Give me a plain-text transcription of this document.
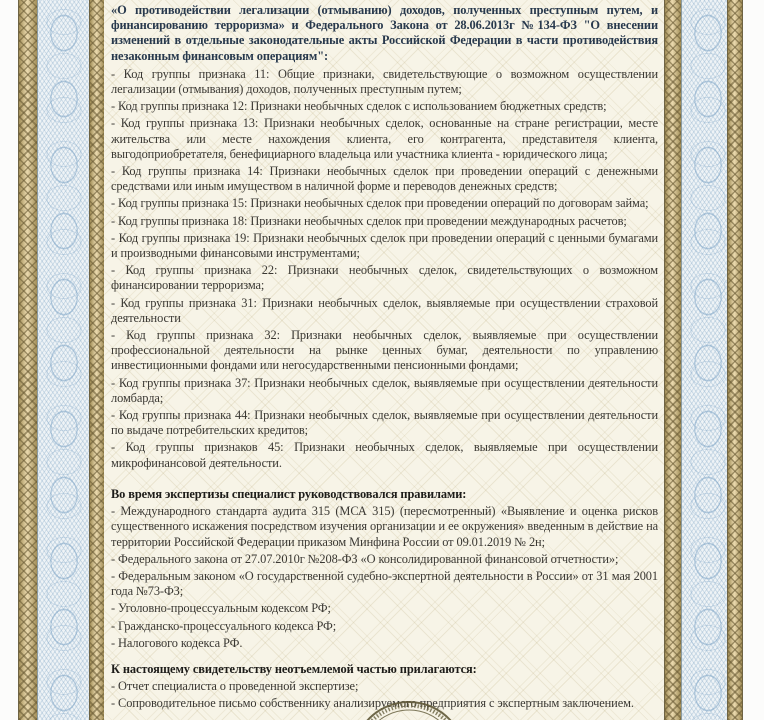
«О противодействии легализации (отмыванию) доходов, полученных преступным путем, и финансированию терроризма» и Федерального Закона от 28.06.2013г №134-ФЗ "О внесении изменений в отдельные законодательные акты Российской Федерации в части противодействия незаконным финансовым операциям":

- Код группы признака 11: Общие признаки, свидетельствующие о возможном осуществлении легализации (отмывания) доходов, полученных преступным путем;

- Код группы признака 12: Признаки необычных сделок с использованием бюджетных средств;

- Код группы признака 13: Признаки необычных сделок, основанные на стране регистрации, месте жительства или месте нахождения клиента, его контрагента, представителя клиента, выгодоприобретателя, бенефициарного владельца или участника клиента - юридического лица;

- Код группы признака 14: Признаки необычных сделок при проведении операций с денежными средствами или иным имуществом в наличной форме и переводов денежных средств;

- Код группы признака 15: Признаки необычных сделок при проведении операций по договорам займа;

- Код группы признака 18: Признаки необычных сделок при проведении международных расчетов;

- Код группы признака 19: Признаки необычных сделок при проведении операций с ценными бумагами и производными финансовыми инструментами;

- Код группы признака 22: Признаки необычных сделок, свидетельствующих о возможном финансировании терроризма;

- Код группы признака 31: Признаки необычных сделок, выявляемые при осуществлении страховой деятельности

- Код группы признака 32: Признаки необычных сделок, выявляемые при осуществлении профессиональной деятельности на рынке ценных бумаг, деятельности по управлению инвестиционными фондами или негосударственными пенсионными фондами;

- Код группы признака 37: Признаки необычных сделок, выявляемые при осуществлении деятельности ломбарда;

- Код группы признака 44: Признаки необычных сделок, выявляемые при осуществлении деятельности по выдаче потребительских кредитов;

- Код группы признаков 45: Признаки необычных сделок, выявляемые при осуществлении микрофинансовой деятельности.

Во время экспертизы специалист руководствовался правилами:

- Международного стандарта аудита 315 (МСА 315) (пересмотренный) «Выявление и оценка рисков существенного искажения посредством изучения организации и ее окружения» введенным в действие на территории Российской Федерации приказом Минфина России от 09.01.2019 № 2н;

- Федерального закона от 27.07.2010г №208-ФЗ «О консолидированной финансовой отчетности»;

- Федеральным законом «О государственной судебно-экспертной деятельности в России» от 31 мая 2001 года №73-ФЗ;

- Уголовно-процессуальным кодексом РФ;

- Гражданско-процессуального кодекса РФ;

- Налогового кодекса РФ.

К настоящему свидетельству неотъемлемой частью прилагаются:

- Отчет специалиста о проведенной экспертизе;

- Сопроводительное письмо собственнику анализируемого предприятия с экспертным заключением.
